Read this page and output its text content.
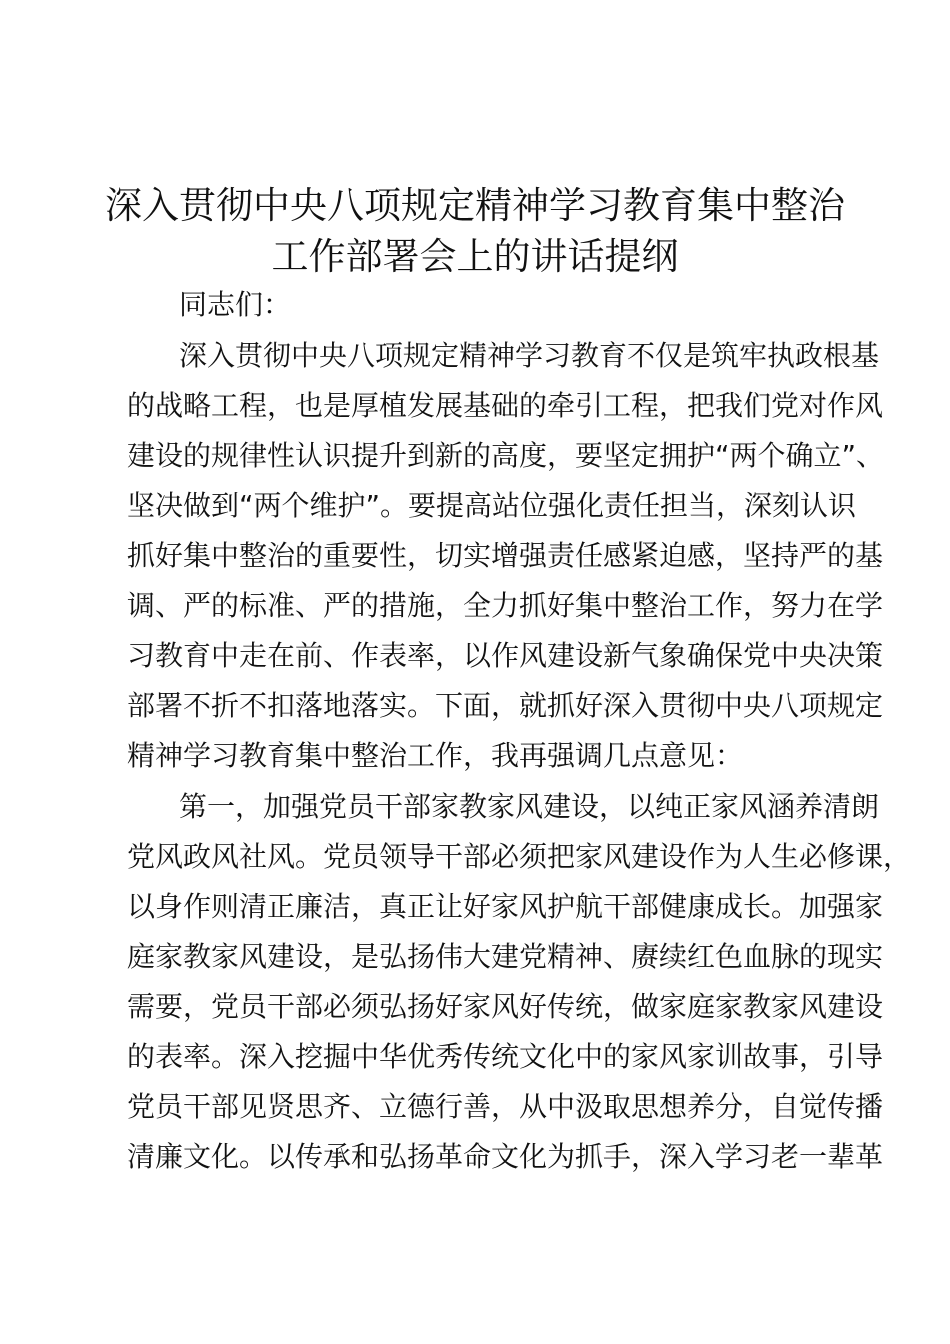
深入贯彻中央八项规定精神学习教育集中整治
工作部署会上的讲话提纲
同志们：
深入贯彻中央八项规定精神学习教育不仅是筑牢执政根基
的战略工程，也是厚植发展基础的牵引工程，把我们党对作风
建设的规律性认识提升到新的高度，要坚定拥护“两个确立”、
坚决做到“两个维护”。要提高站位强化责任担当，深刻认识
抓好集中整治的重要性，切实增强责任感紧迫感，坚持严的基
调、严的标准、严的措施，全力抓好集中整治工作，努力在学
习教育中走在前、作表率，以作风建设新气象确保党中央决策
部署不折不扣落地落实。下面，就抓好深入贯彻中央八项规定
精神学习教育集中整治工作，我再强调几点意见：
第一，加强党员干部家教家风建设，以纯正家风涵养清朗
党风政风社风。党员领导干部必须把家风建设作为人生必修课，
以身作则清正廉洁，真正让好家风护航干部健康成长。加强家
庭家教家风建设，是弘扬伟大建党精神、赓续红色血脉的现实
需要，党员干部必须弘扬好家风好传统，做家庭家教家风建设
的表率。深入挖掘中华优秀传统文化中的家风家训故事，引导
党员干部见贤思齐、立德行善，从中汲取思想养分，自觉传播
清廉文化。以传承和弘扬革命文化为抓手，深入学习老一辈革
